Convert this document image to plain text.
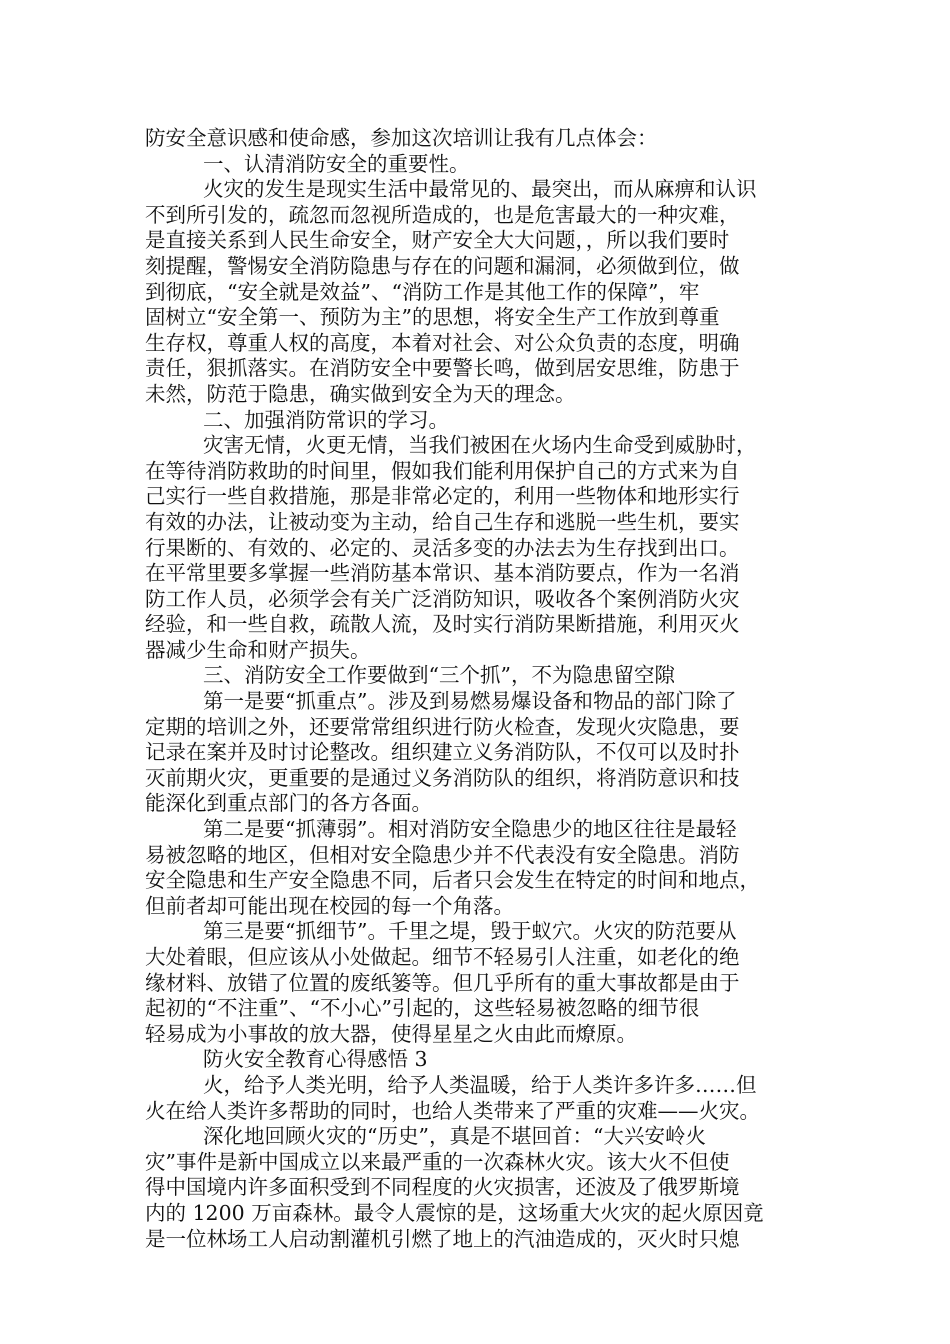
防安全意识感和使命感，参加这次培训让我有几点体会：
一、认清消防安全的重要性。
火灾的发生是现实生活中最常见的、最突出，而从麻痹和认识
不到所引发的，疏忽而忽视所造成的，也是危害最大的一种灾难，
是直接关系到人民生命安全，财产安全大大问题，，所以我们要时
刻提醒，警惕安全消防隐患与存在的问题和漏洞，必须做到位，做
到彻底，“安全就是效益”、“消防工作是其他工作的保障”，牢
固树立“安全第一、预防为主”的思想，将安全生产工作放到尊重
生存权，尊重人权的高度，本着对社会、对公众负责的态度，明确
责任，狠抓落实。在消防安全中要警长鸣，做到居安思维，防患于
未然，防范于隐患，确实做到安全为天的理念。
二、加强消防常识的学习。
灾害无情，火更无情，当我们被困在火场内生命受到威胁时，
在等待消防救助的时间里，假如我们能利用保护自己的方式来为自
己实行一些自救措施，那是非常必定的，利用一些物体和地形实行
有效的办法，让被动变为主动，给自己生存和逃脱一些生机，要实
行果断的、有效的、必定的、灵活多变的办法去为生存找到出口。
在平常里要多掌握一些消防基本常识、基本消防要点，作为一名消
防工作人员，必须学会有关广泛消防知识，吸收各个案例消防火灾
经验，和一些自救，疏散人流，及时实行消防果断措施，利用灭火
器减少生命和财产损失。
三、消防安全工作要做到“三个抓”，不为隐患留空隙
第一是要“抓重点”。涉及到易燃易爆设备和物品的部门除了
定期的培训之外，还要常常组织进行防火检查，发现火灾隐患，要
记录在案并及时讨论整改。组织建立义务消防队，不仅可以及时扑
灭前期火灾，更重要的是通过义务消防队的组织，将消防意识和技
能深化到重点部门的各方各面。
第二是要“抓薄弱”。相对消防安全隐患少的地区往往是最轻
易被忽略的地区，但相对安全隐患少并不代表没有安全隐患。消防
安全隐患和生产安全隐患不同，后者只会发生在特定的时间和地点，
但前者却可能出现在校园的每一个角落。
第三是要“抓细节”。千里之堤，毁于蚁穴。火灾的防范要从
大处着眼，但应该从小处做起。细节不轻易引人注重，如老化的绝
缘材料、放错了位置的废纸篓等。但几乎所有的重大事故都是由于
起初的“不注重”、“不小心”引起的，这些轻易被忽略的细节很
轻易成为小事故的放大器，使得星星之火由此而燎原。
防火安全教育心得感悟 3
火，给予人类光明，给予人类温暖，给于人类许多许多……但
火在给人类许多帮助的同时，也给人类带来了严重的灾难——火灾。
深化地回顾火灾的“历史”，真是不堪回首：“大兴安岭火
灾”事件是新中国成立以来最严重的一次森林火灾。该大火不但使
得中国境内许多面积受到不同程度的火灾损害，还波及了俄罗斯境
内的 1200 万亩森林。最令人震惊的是，这场重大火灾的起火原因竟
是一位林场工人启动割灌机引燃了地上的汽油造成的，灭火时只熄
